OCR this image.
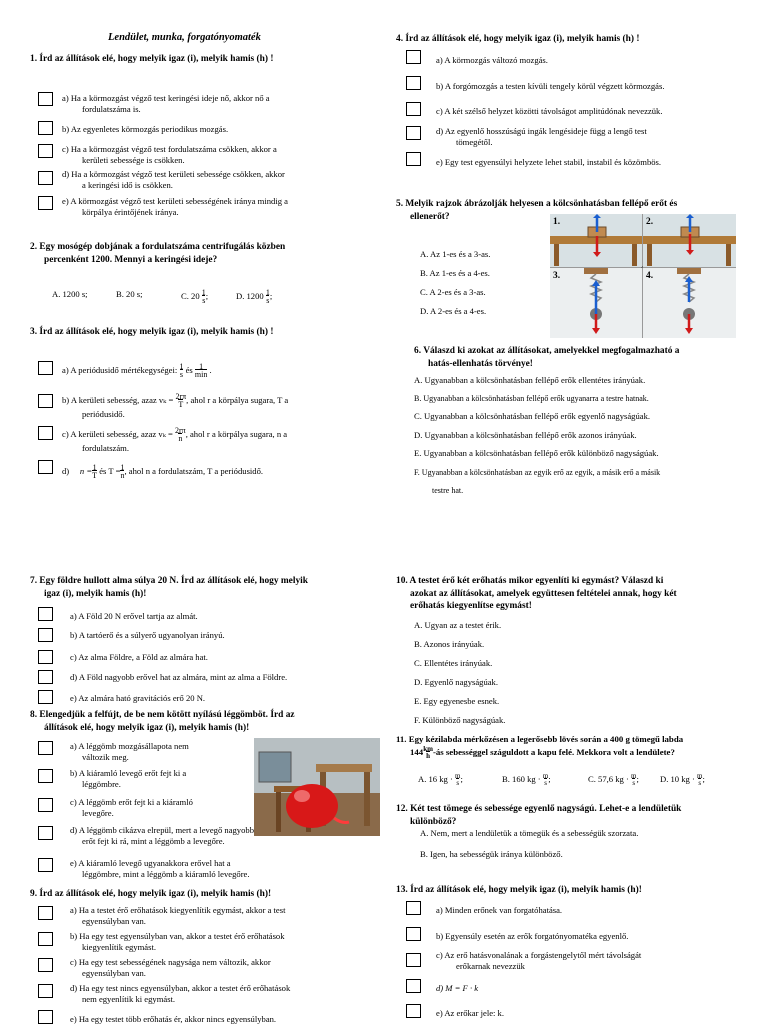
Lendület, munka, forgatónyomaték
1. Írd az állítások elé, hogy melyik igaz (i), melyik hamis (h) !
a) Ha a körmozgást végző test keringési ideje nő, akkor nő a
fordulatszáma is.
b) Az egyenletes körmozgás periodikus mozgás.
c) Ha a körmozgást végző test fordulatszáma csökken, akkor a
kerületi sebessége is csökken.
d) Ha a körmozgást végző test kerületi sebessége csökken, akkor
a keringési idő is csökken.
e) A körmozgást végző test kerületi sebességének iránya mindig a
körpálya érintőjének iránya.
2. Egy mosógép dobjának a fordulatszáma centrifugálás közben
percenként 1200. Mennyi a keringési ideje?
A. 1200 s;	B. 20 s;	C. $20 \frac{1}{s}$;	D. $1200 \frac{1}{s}$;
3. Írd az állítások elé, hogy melyik igaz (i), melyik hamis (h) !
a) A periódusidő mértékegységei: $\frac{1}{s}$ és 1
min .
b) A kerületi sebesség, azaz $v_k = \frac{2r\pi}{T}$, ahol r a körpálya sugara, T a
periódusidő.
c) A kerületi sebesség, azaz $v_k = \frac{2r\pi}{n}$, ahol r a körpálya sugara, n a
fordulatszám.
d) $n =\frac{1}{T}$ és $T =\frac{1}{n}$, ahol n a fordulatszám, T a periódusidő.
7. Egy földre hullott alma súlya 20 N. Írd az állítások elé, hogy melyik
igaz (i), melyik hamis (h)!
a) A Föld 20 N erővel tartja az almát.
b) A tartóerő és a súlyerő ugyanolyan irányú.
c) Az alma Földre, a Föld az almára hat.
d) A Föld nagyobb erővel hat az almára, mint az alma a Földre.
e) Az almára ható gravitációs erő 20 N.
8. Elengedjük a felfújt, de be nem kötött nyílású léggömböt. Írd az
állítások elé, hogy melyik igaz (i), melyik hamis (h)!
a) A léggömb mozgásállapota nem
változik meg.
b) A kiáramló levegő erőt fejt ki a
léggömbre.
c) A léggömb erőt fejt ki a kiáramló
levegőre.
d) A léggömb cikázva elrepül, mert a levegő nagyobb
erőt fejt ki rá, mint a léggömb a levegőre.
e) A kiáramló levegő ugyanakkora erővel hat a
léggömbre, mint a léggömb a kiáramló levegőre.
9. Írd az állítások elé, hogy melyik igaz (i), melyik hamis (h)!
a) Ha a testet érő erőhatások kiegyenlítik egymást, akkor a test
egyensúlyban van.
b) Ha egy test egyensúlyban van, akkor a testet érő erőhatások
kiegyenlítik egymást.
c) Ha egy test sebességének nagysága nem változik, akkor
egyensúlyban van.
d) Ha egy test nincs egyensúlyban, akkor a testet érő erőhatások
nem egyenlítik ki egymást.
e) Ha egy testet több erőhatás ér, akkor nincs egyensúlyban.
4. Írd az állítások elé, hogy melyik igaz (i), melyik hamis (h) !
a) A körmozgás változó mozgás.
b) A forgómozgás a testen kívüli tengely körül végzett körmozgás.
c) A két szélső helyzet közötti távolságot amplitúdónak nevezzük.
d) Az egyenlő hosszúságú ingák lengésideje függ a lengő test
tömegétől.
e) Egy test egyensúlyi helyzete lehet stabil, instabil és közömbös.
5. Melyik rajzok ábrázolják helyesen a kölcsönhatásban fellépő erőt és
ellenerőt?
A. Az 1-es és a 3-as.
B. Az 1-es és a 4-es.
C. A 2-es és a 3-as.
D. A 2-es és a 4-es.
1.	2.
3.	4.
6. Válaszd ki azokat az állításokat, amelyekkel megfogalmazható a
hatás-ellenhatás törvénye!
A. Ugyanabban a kölcsönhatásban fellépő erők ellentétes irányúak.
B. Ugyanabban a kölcsönhatásban fellépő erők ugyanarra a testre hatnak.
C. Ugyanabban a kölcsönhatásban fellépő erők egyenlő nagyságúak.
D. Ugyanabban a kölcsönhatásban fellépő erők azonos irányúak.
E. Ugyanabban a kölcsönhatásban fellépő erők különböző nagyságúak.
F. Ugyanabban a kölcsönhatásban az egyik erő az egyik, a másik erő a másik
testre hat.
10. A testet érő két erőhatás mikor egyenlíti ki egymást? Válaszd ki
azokat az állításokat, amelyek együttesen feltételei annak, hogy két
erőhatás kiegyenlítse egymást!
A. Ugyan az a testet érik.
B. Azonos irányúak.
C. Ellentétes irányúak.
D. Egyenlő nagyságúak.
E. Egy egyenesbe esnek.
F. Különböző nagyságúak.
11. Egy kézilabda mérkőzésen a legerősebb lövés során a 400 g tömegű labda
$144\frac{km}{h}-ás$ sebességgel száguldott a kapu felé. Mekkora volt a lendülete?
A. 16 kg · $\frac{m}{s}$;	B. 160 kg · $\frac{m}{s}$;	C. 57,6 kg · $\frac{m}{s}$; D. 10 kg · $\frac{m}{s}$;
12. Két test tömege és sebessége egyenlő nagyságú. Lehet-e a lendületük
különböző?
A. Nem, mert a lendületük a tömegük és a sebességük szorzata.
B. Igen, ha sebességük iránya különböző.
13. Írd az állítások elé, hogy melyik igaz (i), melyik hamis (h)!
a) Minden erőnek van forgatóhatása.
b) Egyensúly esetén az erők forgatónyomatéka egyenlő.
c) Az erő hatásvonalának a forgástengelytől mért távolságát
erőkarnak nevezzük
d) M = F · k
e) Az erőkar jele: k.
